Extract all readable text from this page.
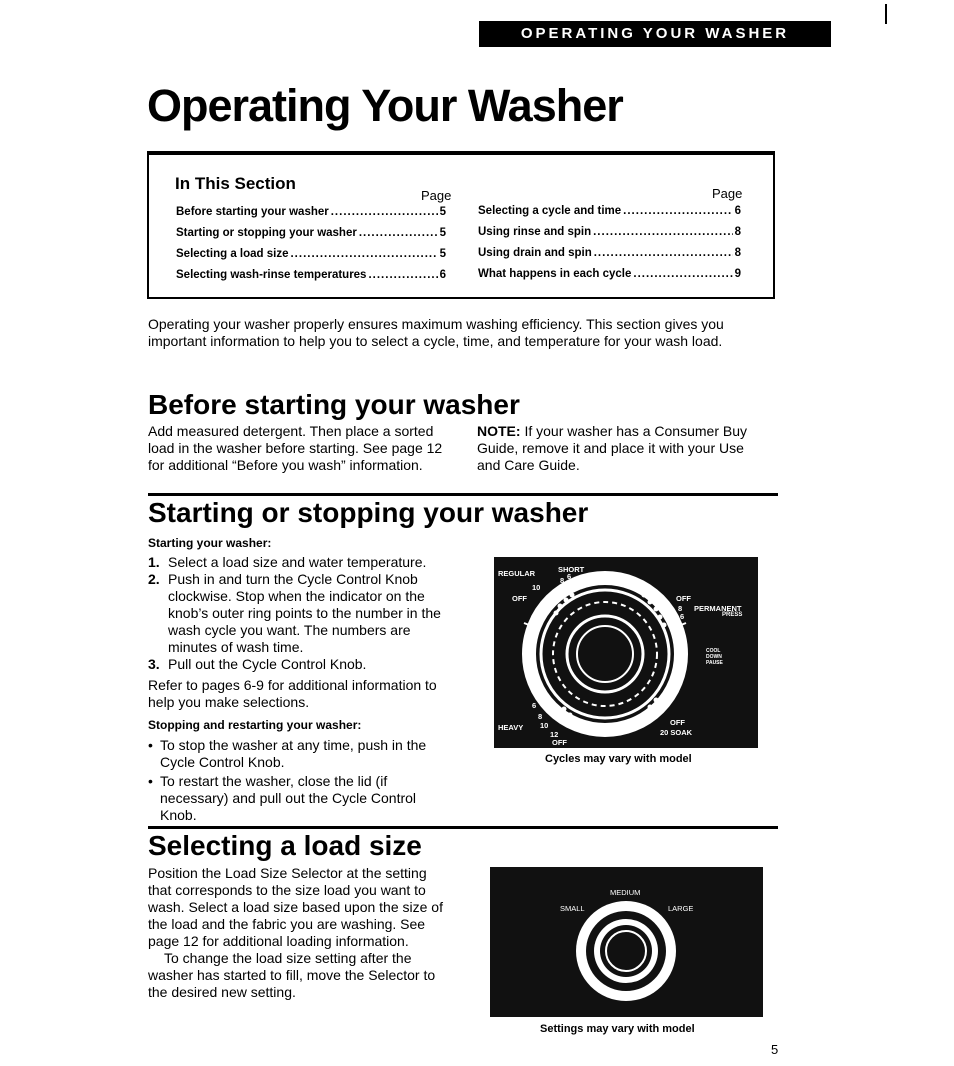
OPERATING YOUR WASHER
Operating Your Washer
In This Section
Page	Page
Before starting your washer .....	5
Starting or stopping your washer .....	5
Selecting a load size .....	5
Selecting wash-rinse temperatures .....	6
Selecting a cycle and time .....	6
Using rinse and spin .....	8
Using drain and spin .....	8
What happens in each cycle .....	9
Operating your washer properly ensures maximum washing efficiency. This section gives you important information to help you to select a cycle, time, and temperature for your wash load.
Before starting your washer
Add measured detergent. Then place a sorted load in the washer before starting. See page 12 for additional “Before you wash” information.
NOTE: If your washer has a Consumer Buy Guide, remove it and place it with your Use and Care Guide.
Starting or stopping your washer
Starting your washer:
1. Select a load size and water temperature.
2. Push in and turn the Cycle Control Knob clockwise. Stop when the indicator on the knob’s outer ring points to the number in the wash cycle you want. The numbers are minutes of wash time.
3. Pull out the Cycle Control Knob.
Refer to pages 6-9 for additional information to help you make selections.
Stopping and restarting your washer:
• To stop the washer at any time, push in the Cycle Control Knob.
• To restart the washer, close the lid (if necessary) and pull out the Cycle Control Knob.
REGULAR	SHORT
8 6
10
OFF	OFF
8
6
PERMANENT
PRESS
COOL
DOWN
PAUSE
6
8
HEAVY 10
12
OFF
OFF
20 SOAK
Cycles may vary with model
Selecting a load size
Position the Load Size Selector at the setting that corresponds to the size load you want to wash. Select a load size based upon the size of the load and the fabric you are washing. See page 12 for additional loading information.
To change the load size setting after the washer has started to fill, move the Selector to the desired new setting.
MEDIUM
SMALL	LARGE
Settings may vary with model
5
